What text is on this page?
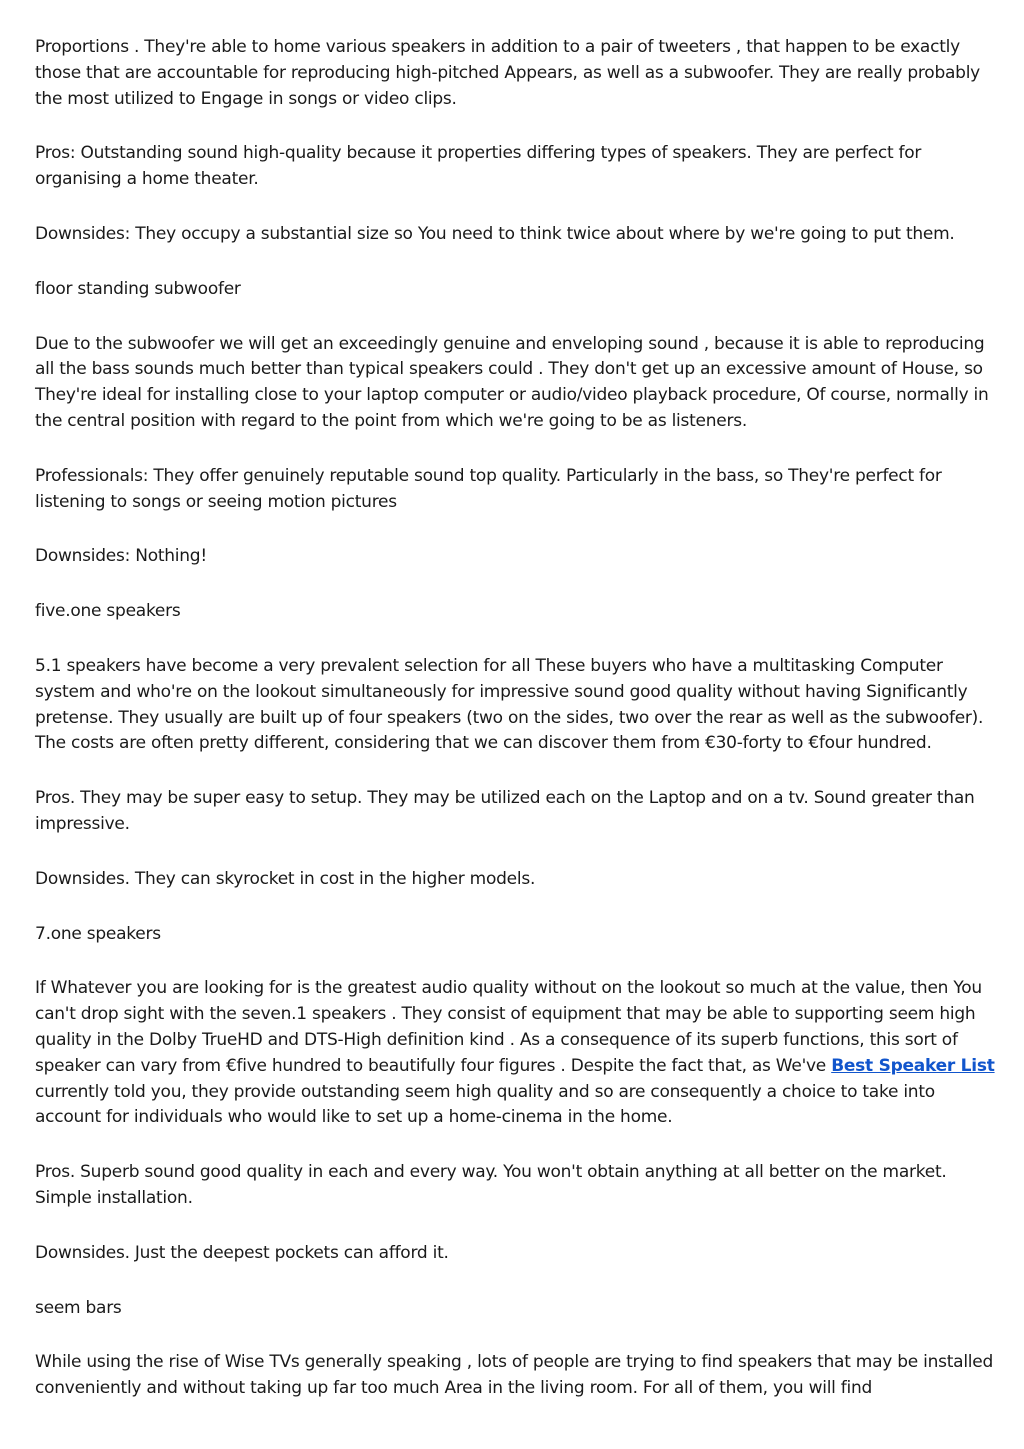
Proportions . They're able to home various speakers in addition to a pair of tweeters , that happen to be exactly those that are accountable for reproducing high-pitched Appears, as well as a subwoofer. They are really probably the most utilized to Engage in songs or video clips.

Pros: Outstanding sound high-quality because it properties differing types of speakers. They are perfect for organising a home theater.

Downsides: They occupy a substantial size so You need to think twice about where by we're going to put them.

floor standing subwoofer

Due to the subwoofer we will get an exceedingly genuine and enveloping sound , because it is able to reproducing all the bass sounds much better than typical speakers could . They don't get up an excessive amount of House, so They're ideal for installing close to your laptop computer or audio/video playback procedure, Of course, normally in the central position with regard to the point from which we're going to be as listeners.

Professionals: They offer genuinely reputable sound top quality. Particularly in the bass, so They're perfect for listening to songs or seeing motion pictures

Downsides: Nothing!

five.one speakers

5.1 speakers have become a very prevalent selection for all These buyers who have a multitasking Computer system and who're on the lookout simultaneously for impressive sound good quality without having Significantly pretense. They usually are built up of four speakers (two on the sides, two over the rear as well as the subwoofer). The costs are often pretty different, considering that we can discover them from €30-forty to €four hundred.

Pros. They may be super easy to setup. They may be utilized each on the Laptop and on a tv. Sound greater than impressive.

Downsides. They can skyrocket in cost in the higher models.

7.one speakers

If Whatever you are looking for is the greatest audio quality without on the lookout so much at the value, then You can't drop sight with the seven.1 speakers . They consist of equipment that may be able to supporting seem high quality in the Dolby TrueHD and DTS-High definition kind . As a consequence of its superb functions, this sort of speaker can vary from €five hundred to beautifully four figures . Despite the fact that, as We've Best Speaker List currently told you, they provide outstanding seem high quality and so are consequently a choice to take into account for individuals who would like to set up a home-cinema in the home.

Pros. Superb sound good quality in each and every way. You won't obtain anything at all better on the market. Simple installation.

Downsides. Just the deepest pockets can afford it.

seem bars

While using the rise of Wise TVs generally speaking , lots of people are trying to find speakers that may be installed conveniently and without taking up far too much Area in the living room. For all of them, you will find
